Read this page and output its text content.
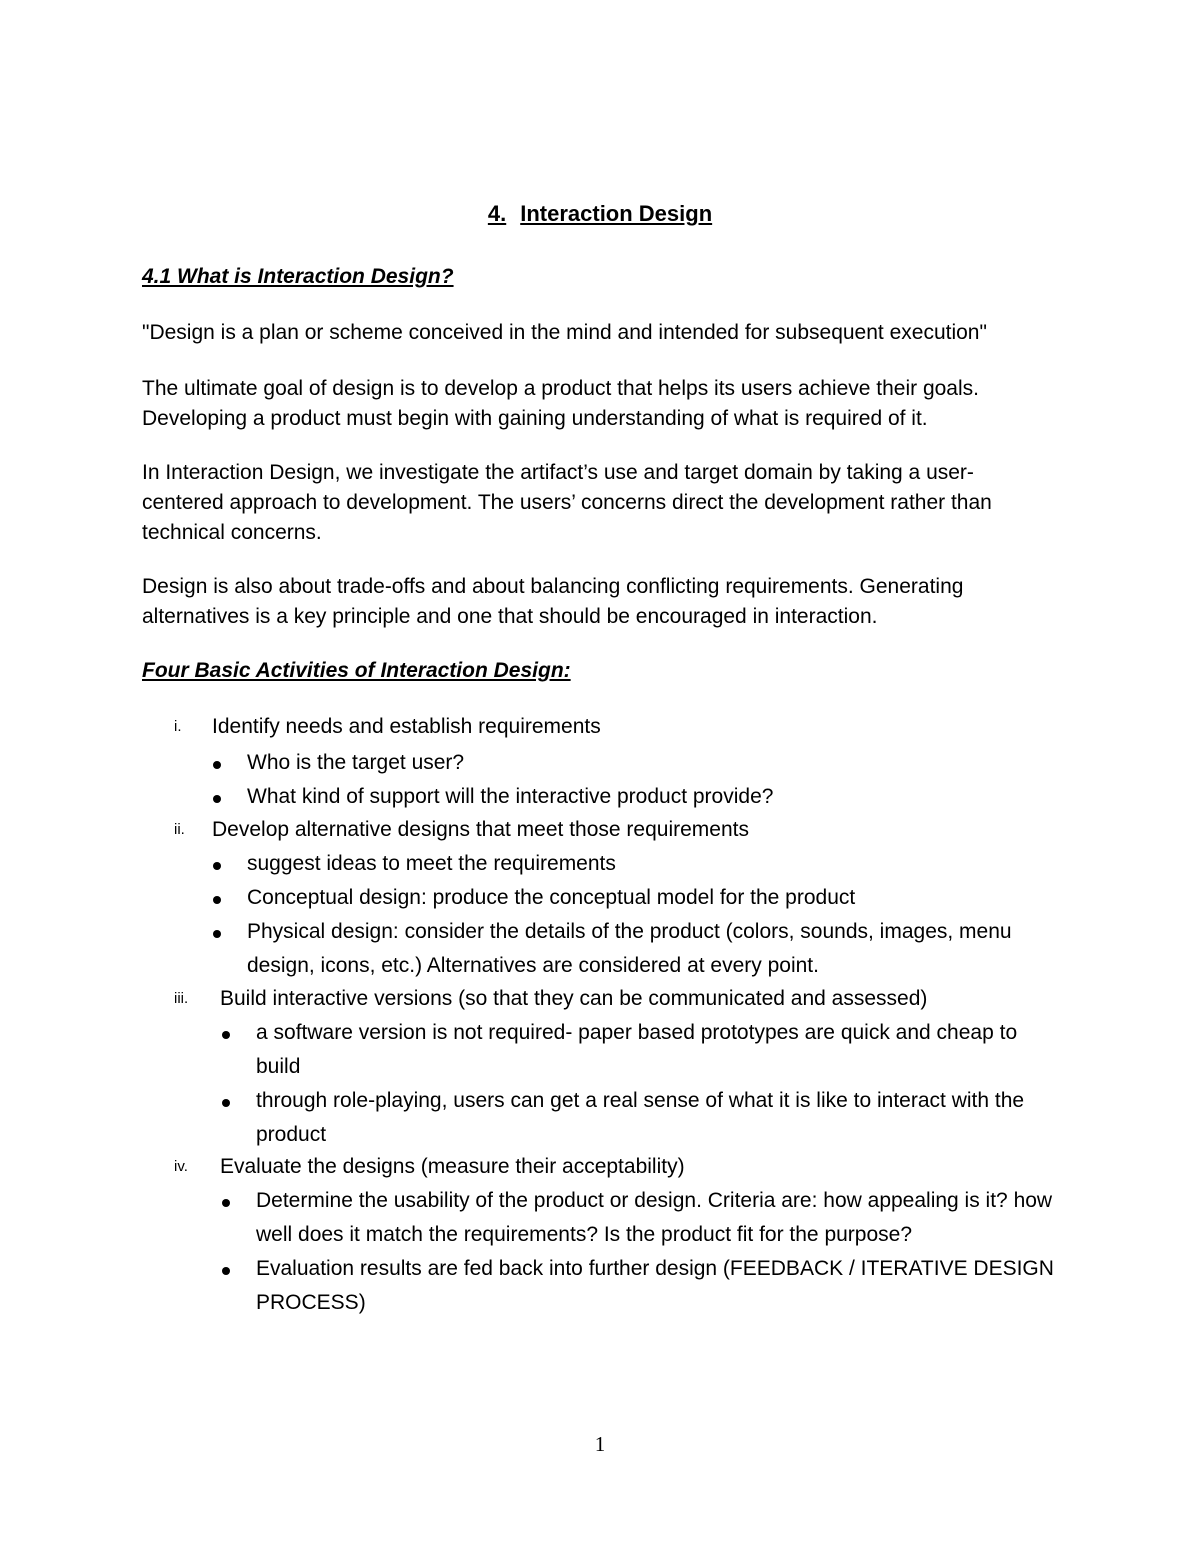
4. Interaction Design
4.1 What is Interaction Design?

"Design is a plan or scheme conceived in the mind and intended for subsequent execution"

The ultimate goal of design is to develop a product that helps its users achieve their goals. Developing a product must begin with gaining understanding of what is required of it.

In Interaction Design, we investigate the artifact’s use and target domain by taking a user-centered approach to development. The users’ concerns direct the development rather than technical concerns.

Design is also about trade-offs and about balancing conflicting requirements. Generating alternatives is a key principle and one that should be encouraged in interaction.

Four Basic Activities of Interaction Design:
i. Identify needs and establish requirements
Who is the target user?
What kind of support will the interactive product provide?
ii. Develop alternative designs that meet those requirements
suggest ideas to meet the requirements
Conceptual design: produce the conceptual model for the product
Physical design: consider the details of the product (colors, sounds, images, menu design, icons, etc.) Alternatives are considered at every point.
iii. Build interactive versions (so that they can be communicated and assessed)
a software version is not required- paper based prototypes are quick and cheap to build
through role-playing, users can get a real sense of what it is like to interact with the product
iv. Evaluate the designs (measure their acceptability)
Determine the usability of the product or design. Criteria are: how appealing is it? how well does it match the requirements? Is the product fit for the purpose?
Evaluation results are fed back into further design (FEEDBACK / ITERATIVE DESIGN PROCESS)
1
